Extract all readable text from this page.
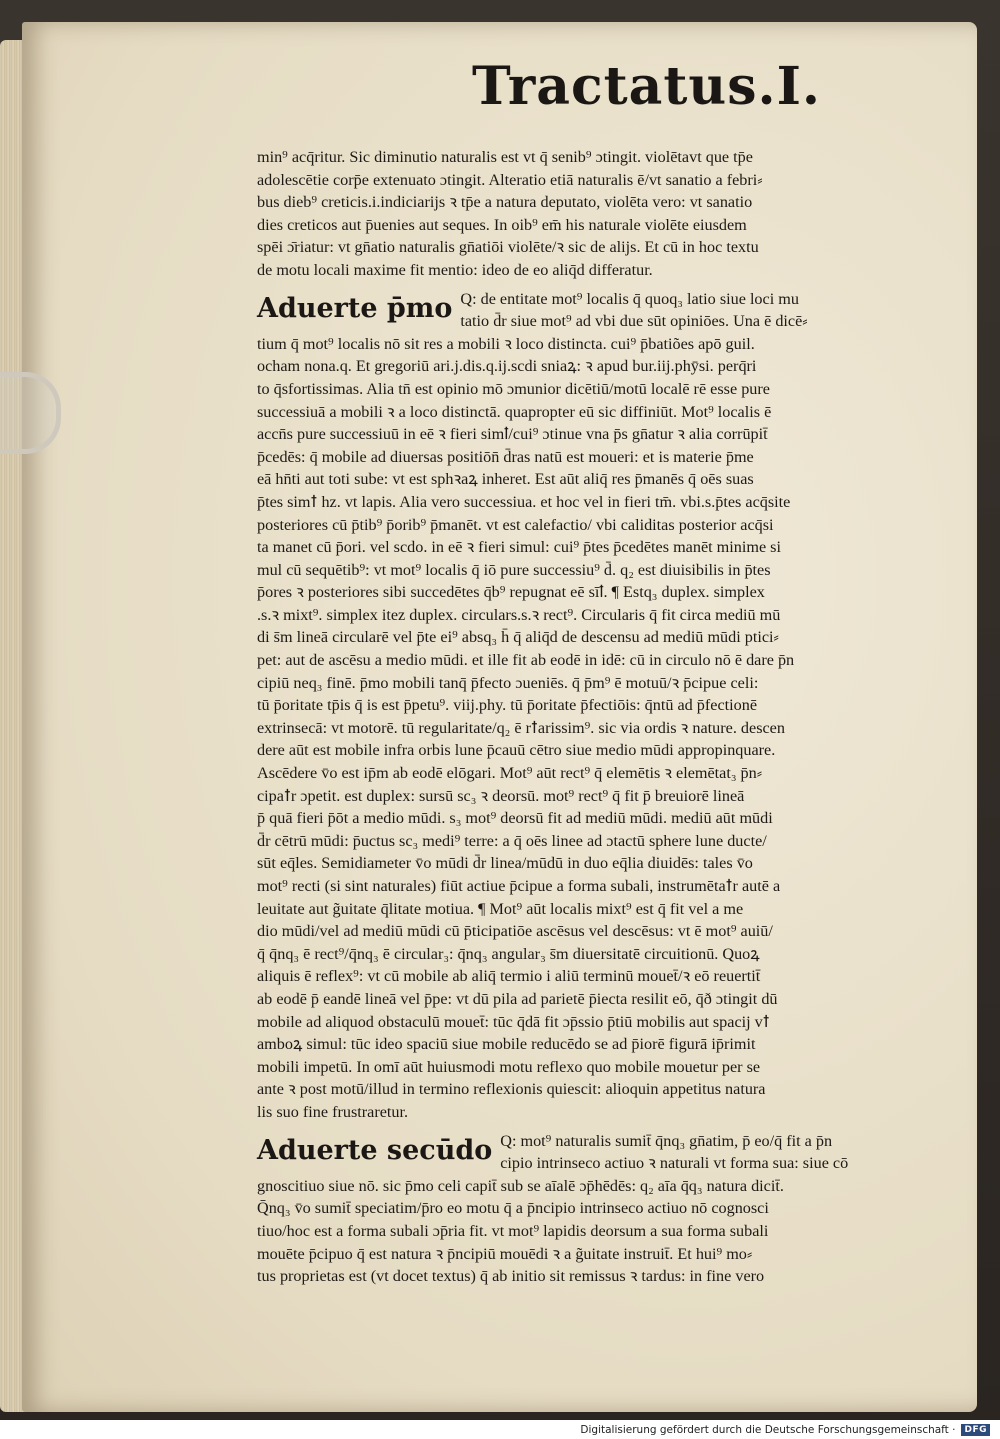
Tractatus.I.
min⁹ acq̄ritur. Sic diminutio naturalis est vt q̄ senib⁹ ɔtingit. violētavt que tp̄e
adolescētie corp̄e extenuato ɔtingit. Alteratio etiā naturalis ē/vt sanatio a febri⸗
bus dieb⁹ creticis.i.indiciarijs ꝛ tp̄e a natura deputato, violēta vero: vt sanatio
dies creticos aut p̄uenies aut seques. In oib⁹ em̄ his naturale violēte eiusdem
spēi ɔ̄riatur: vt gn̄atio naturalis gn̄atiōi violēte/ꝛ sic de alijs. Et cū in hoc textu
de motu locali maxime fit mentio: ideo de eo aliq̄d differatur.
Aduerte p̄mo Q: de entitate mot⁹ localis q̄ quoq₃ latio siue loci mu
tatio d̄r siue mot⁹ ad vbi due sūt opiniōes. Una ē dicē⸗
tium q̄ mot⁹ localis nō sit res a mobili ꝛ loco distincta. cui⁹ p̄batiões apō guil.
ocham nona.q. Et gregoriū ari.j.dis.q.ij.scdi sniaꝝ: ꝛ apud bur.iij.phȳsi. perq̄ri
to q̄sfortissimas. Alia tn̄ est opinio mō ɔmunior dicētiū/motū localē rē esse pure
successiuā a mobili ꝛ a loco distinctā. quapropter eū sic diffiniūt. Mot⁹ localis ē
accn̄s pure successiuū in eē ꝛ fieri simꝉ/cui⁹ ɔtinue vna p̄s gn̄atur ꝛ alia corrūpit̄
p̄cedēs: q̄ mobile ad diuersas positiōn̄ d̄ras natū est moueri: et is materie p̄me
eā hn̄ti aut toti sube: vt est sphꝛaꝝ inheret. Est aūt aliq̄ res p̄manēs q̄ oēs suas
p̄tes simꝉ hz. vt lapis. Alia vero successiua. et hoc vel in fieri tm̄. vbi.s.p̄tes acq̄site
posteriores cū p̄tib⁹ p̄orib⁹ p̄manēt. vt est calefactio/ vbi caliditas posterior acq̄si
ta manet cū p̄ori. vel scdo. in eē ꝛ fieri simul: cui⁹ p̄tes p̄cedētes manēt minime si
mul cū sequētib⁹: vt mot⁹ localis q̄ iō pure successiu⁹ d̄. q₂ est diuisibilis in p̄tes
p̄ores ꝛ posteriores sibi succedētes q̄b⁹ repugnat eē sīꝉ. ¶ Estq₃ duplex. simplex
.s.ꝛ mixt⁹. simplex itez duplex. circulars.s.ꝛ rect⁹. Circularis q̄ fit circa mediū mū
di s̄m lineā circularē vel p̄te ei⁹ absq₃ h̄ q̄ aliq̄d de descensu ad mediū mūdi ptici⸗
pet: aut de ascēsu a medio mūdi. et ille fit ab eodē in idē: cū in circulo nō ē dare p̄n
cipiū neq₃ finē. p̄mo mobili tanq̄ p̄fecto ɔueniēs. q̄ p̄m⁹ ē motuū/ꝛ p̄cipue celi:
tū p̄oritate tp̄is q̄ is est p̄petu⁹. viij.phy. tū p̄oritate p̄fectiōis: q̄ntū ad p̄fectionē
extrinsecā: vt motorē. tū regularitate/q₂ ē rꝉarissim⁹. sic via ordis ꝛ nature. descen
dere aūt est mobile infra orbis lune p̄cauū cētro siue medio mūdi appropinquare.
Ascēdere v̄o est ip̄m ab eodē elōgari. Mot⁹ aūt rect⁹ q̄ elemētis ꝛ elemētat₃ p̄n⸗
cipaꝉr ɔpetit. est duplex: sursū sc₃ ꝛ deorsū. mot⁹ rect⁹ q̄ fit p̄ breuiorē lineā
p̄ quā fieri p̄ōt a medio mūdi. s₃ mot⁹ deorsū fit ad mediū mūdi. mediū aūt mūdi
d̄r cētrū mūdi: p̄uctus sc₃ medi⁹ terre: a q̄ oēs linee ad ɔtactū sphere lune ducte/
sūt eq̄les. Semidiameter v̄o mūdi d̄r linea/mūdū in duo eq̄lia diuidēs: tales v̄o
mot⁹ recti (si sint naturales) fiūt actiue p̄cipue a forma subali, instrumētaꝉr autē a
leuitate aut g̃uitate q̄litate motiua. ¶ Mot⁹ aūt localis mixt⁹ est q̄ fit vel a me
dio mūdi/vel ad mediū mūdi cū p̄ticipatiōe ascēsus vel descēsus: vt ē mot⁹ auiū/
q̄ q̄nq₃ ē rect⁹/q̄nq₃ ē circular₃: q̄nq₃ angular₃ s̄m diuersitatē circuitionū. Quoꝝ
aliquis ē reflex⁹: vt cū mobile ab aliq̄ termio i aliū terminū mouet̄/ꝛ eō reuertit̄
ab eodē p̄ eandē lineā vel p̄pe: vt dū pila ad parietē p̄iecta resilit eō, q̄ð ɔtingit dū
mobile ad aliquod obstaculū mouet̄: tūc q̄dā fit ɔp̄ssio p̄tiū mobilis aut spacij vꝉ
amboꝝ simul: tūc ideo spaciū siue mobile reducēdo se ad p̄iorē figurā ip̄rimit
mobili impetū. In omī aūt huiusmodi motu reflexo quo mobile mouetur per se
ante ꝛ post motū/illud in termino reflexionis quiescit: alioquin appetitus natura
lis suo fine frustraretur.
Aduerte secūdo Q: mot⁹ naturalis sumit̄ q̄nq₃ gn̄atim, p̄ eo/q̄ fit a p̄n
cipio intrinseco actiuo ꝛ naturali vt forma sua: siue cō
gnoscitiuo siue nō. sic p̄mo celi capit̄ sub se aīalē ɔp̄hēdēs: q₂ aīa q̄q₃ natura dicit̄.
Q̄nq₃ v̄o sumit̄ speciatim/p̄ro eo motu q̄ a p̄ncipio intrinseco actiuo nō cognosci
tiuo/hoc est a forma subali ɔp̄ria fit. vt mot⁹ lapidis deorsum a sua forma subali
mouēte p̄cipuo q̄ est natura ꝛ p̄ncipiū mouēdi ꝛ a g̃uitate instruit̄. Et hui⁹ mo⸗
tus proprietas est (vt docet textus) q̄ ab initio sit remissus ꝛ tardus: in fine vero
Digitalisierung gefördert durch die Deutsche Forschungsgemeinschaft ·	DFG
